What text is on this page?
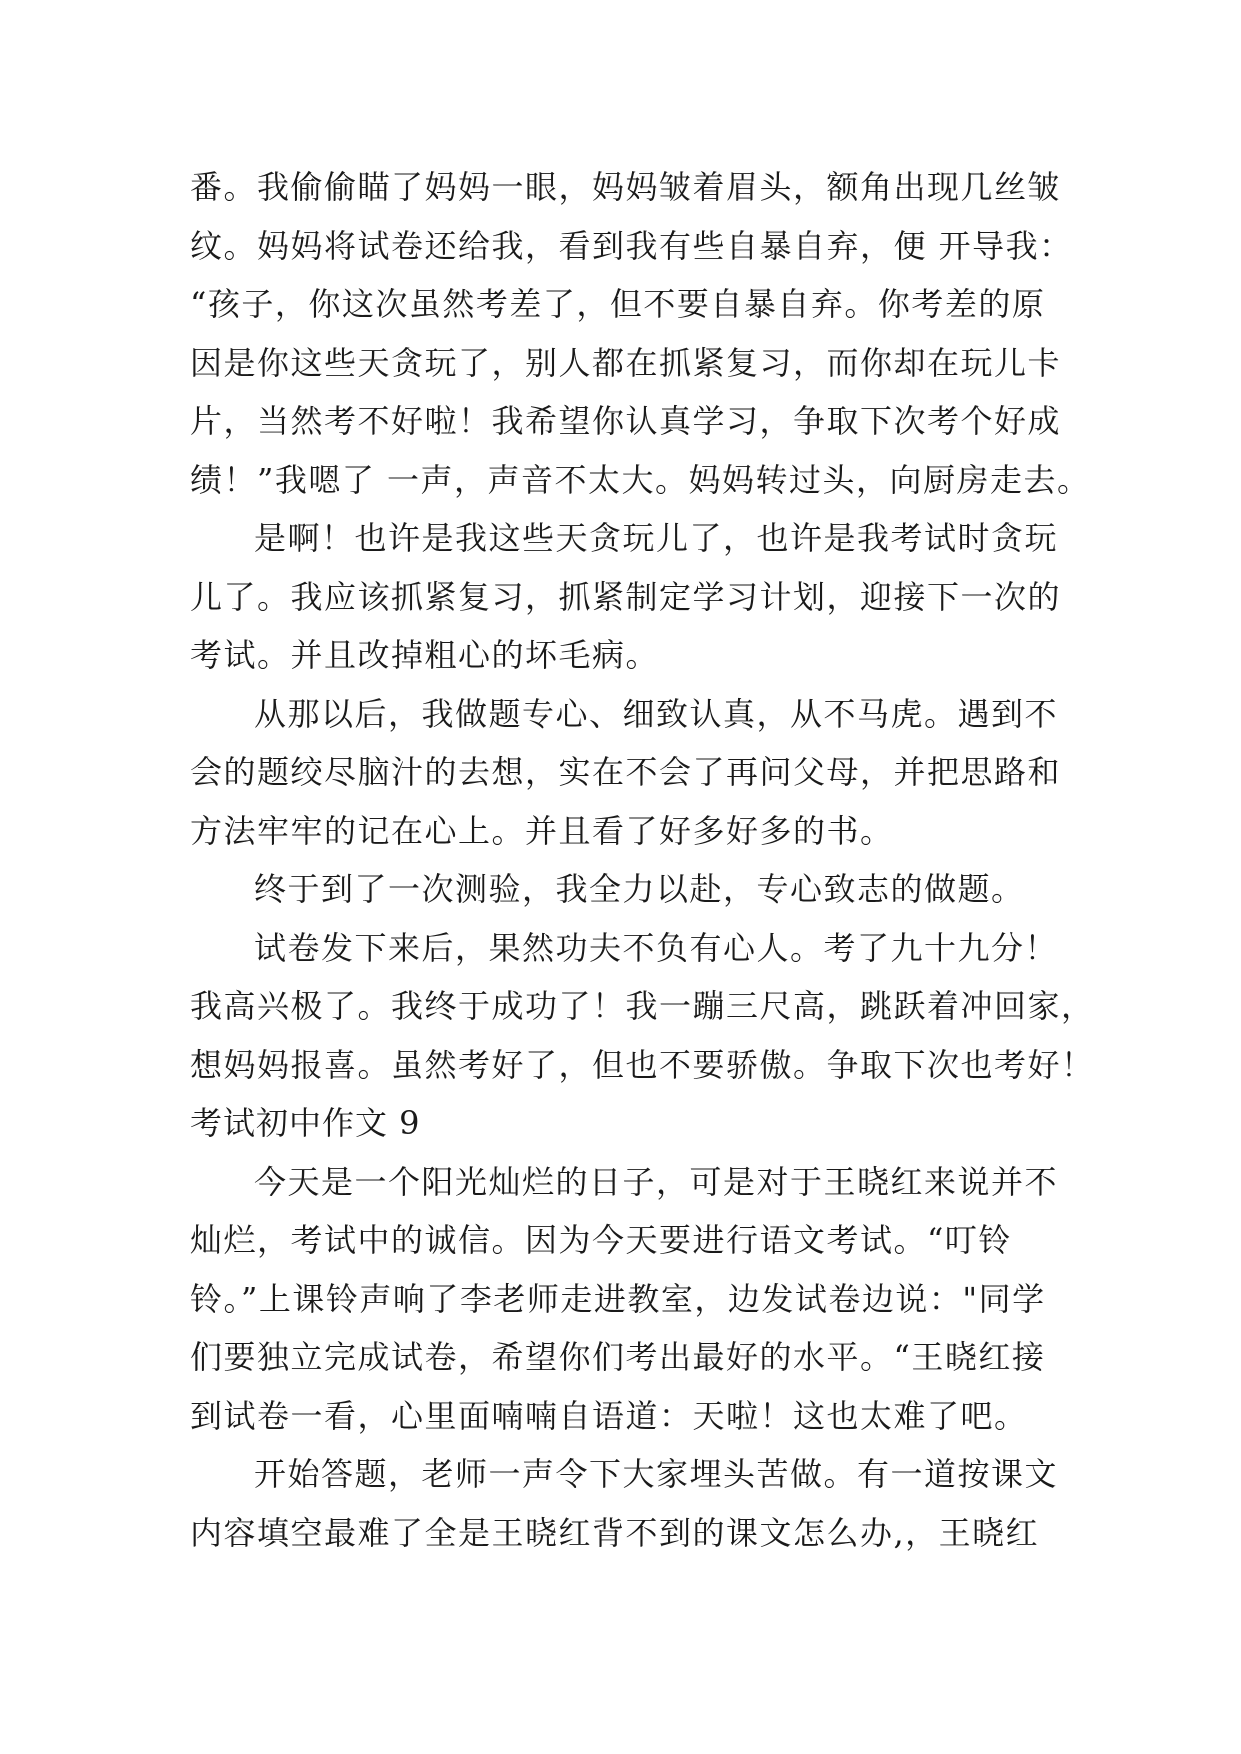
番。我偷偷瞄了妈妈一眼，妈妈皱着眉头，额角出现几丝皱
纹。妈妈将试卷还给我，看到我有些自暴自弃，便 开导我：
“孩子，你这次虽然考差了，但不要自暴自弃。你考差的原
因是你这些天贪玩了，别人都在抓紧复习，而你却在玩儿卡
片，当然考不好啦！我希望你认真学习，争取下次考个好成
绩！”我嗯了 一声，声音不太大。妈妈转过头，向厨房走去。
是啊！也许是我这些天贪玩儿了，也许是我考试时贪玩
儿了。我应该抓紧复习，抓紧制定学习计划，迎接下一次的
考试。并且改掉粗心的坏毛病。
从那以后，我做题专心、细致认真，从不马虎。遇到不
会的题绞尽脑汁的去想，实在不会了再问父母，并把思路和
方法牢牢的记在心上。并且看了好多好多的书。
终于到了一次测验，我全力以赴，专心致志的做题。
试卷发下来后，果然功夫不负有心人。考了九十九分！
我高兴极了。我终于成功了！我一蹦三尺高，跳跃着冲回家，
想妈妈报喜。虽然考好了，但也不要骄傲。争取下次也考好！
考试初中作文 9
今天是一个阳光灿烂的日子，可是对于王晓红来说并不
灿烂，考试中的诚信。因为今天要进行语文考试。“叮铃
铃。”上课铃声响了李老师走进教室，边发试卷边说："同学
们要独立完成试卷，希望你们考出最好的水平。“王晓红接
到试卷一看，心里面喃喃自语道：天啦！这也太难了吧。
开始答题，老师一声令下大家埋头苦做。有一道按课文
内容填空最难了全是王晓红背不到的课文怎么办,，王晓红
